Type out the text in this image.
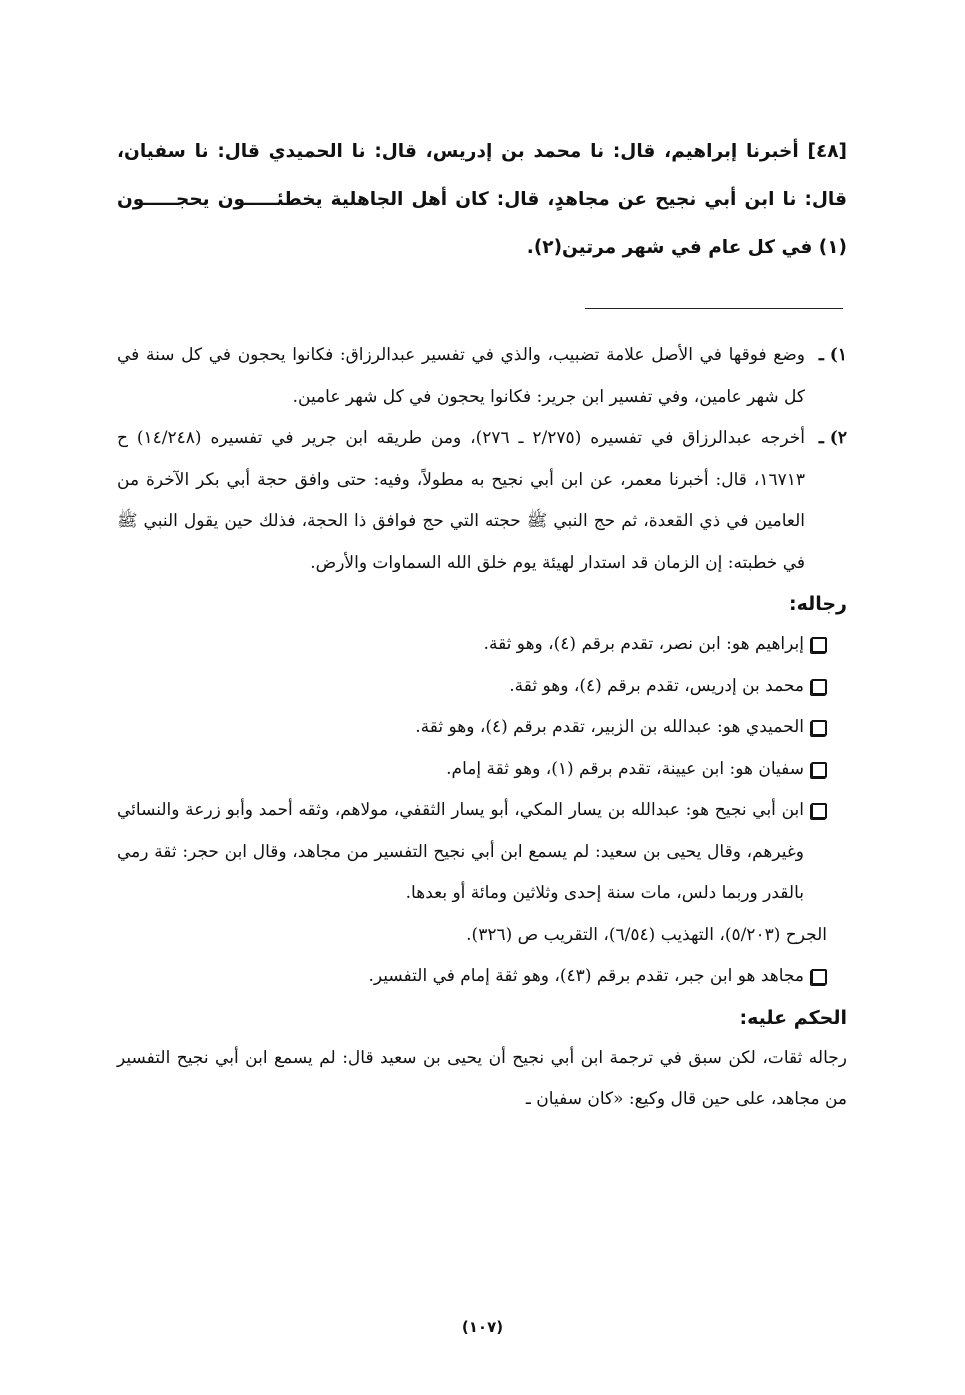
[٤٨] أخبرنا إبراهيم، قال: نا محمد بن إدريس، قال: نا الحميدي قال: نا سفيان، قال: نا ابن أبي نجيح عن مجاهدٍ، قال: كان أهل الجاهلية يخطئـــــون يحجـــــون (١) في كل عام في شهر مرتين(٢).
١) ـ
وضع فوقها في الأصل علامة تضبيب، والذي في تفسير عبدالرزاق: فكانوا يحجون في كل سنة في كل شهر عامين، وفي تفسير ابن جرير: فكانوا يحجون في كل شهر عامين.
٢) ـ
أخرجه عبدالرزاق في تفسيره (٢/٢٧٥ ـ ٢٧٦)، ومن طريقه ابن جرير في تفسيره (١٤/٢٤٨) ح ١٦٧١٣، قال: أخبرنا معمر، عن ابن أبي نجيح به مطولاً، وفيه: حتى وافق حجة أبي بكر الآخرة من العامين في ذي القعدة، ثم حج النبي ﷺ حجته التي حج فوافق ذا الحجة، فذلك حين يقول النبي ﷺ في خطبته: إن الزمان قد استدار لهيئة يوم خلق الله السماوات والأرض.
رجاله:
إبراهيم هو: ابن نصر، تقدم برقم (٤)، وهو ثقة.
محمد بن إدريس، تقدم برقم (٤)، وهو ثقة.
الحميدي هو: عبدالله بن الزبير، تقدم برقم (٤)، وهو ثقة.
سفيان هو: ابن عيينة، تقدم برقم (١)، وهو ثقة إمام.
ابن أبي نجيح هو: عبدالله بن يسار المكي، أبو يسار الثقفي، مولاهم، وثقه أحمد وأبو زرعة والنسائي وغيرهم، وقال يحيى بن سعيد: لم يسمع ابن أبي نجيح التفسير من مجاهد، وقال ابن حجر: ثقة رمي بالقدر وربما دلس، مات سنة إحدى وثلاثين ومائة أو بعدها.
الجرح (٥/٢٠٣)، التهذيب (٦/٥٤)، التقريب ص (٣٢٦).
مجاهد هو ابن جبر، تقدم برقم (٤٣)، وهو ثقة إمام في التفسير.
الحكم عليه:
رجاله ثقات، لكن سبق في ترجمة ابن أبي نجيح أن يحيى بن سعيد قال: لم يسمع ابن أبي نجيح التفسير من مجاهد، على حين قال وكيع: «كان سفيان ـ
(١٠٧)
